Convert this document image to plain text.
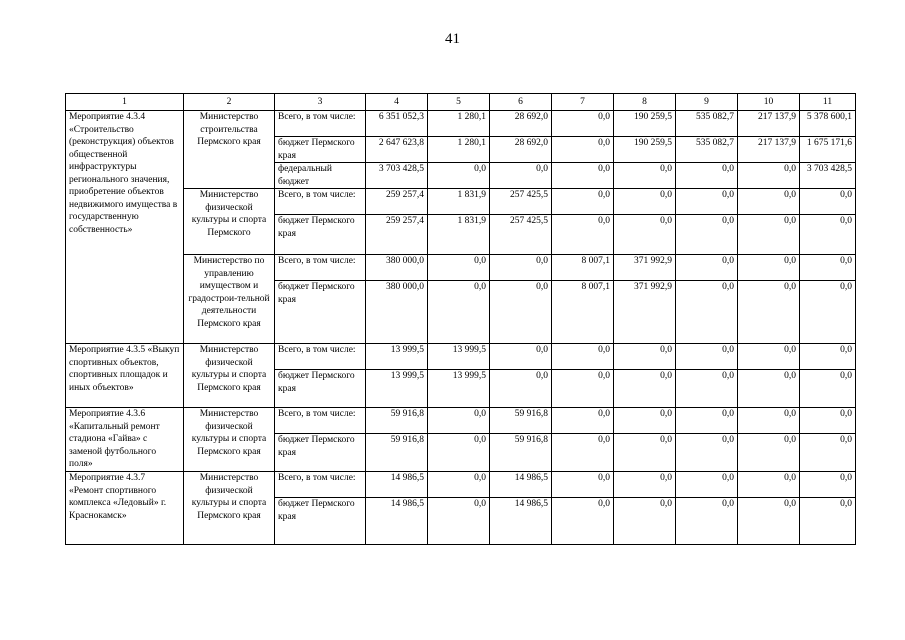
41
1	2	3	4	5	6	7	8	9	10	11
Мероприятие 4.3.4 «Строительство (реконструкция) объектов общественной инфраструктуры регионального значения, приобретение объектов недвижимого имущества в государственную собственность»	Министерство строительства Пермского края	Всего, в том числе:	6 351 052,3	1 280,1	28 692,0	0,0	190 259,5	535 082,7	217 137,9	5 378 600,1
		бюджет Пермского края	2 647 623,8	1 280,1	28 692,0	0,0	190 259,5	535 082,7	217 137,9	1 675 171,6
		федеральный бюджет	3 703 428,5	0,0	0,0	0,0	0,0	0,0	0,0	3 703 428,5
	Министерство физической культуры и спорта Пермского	Всего, в том числе:	259 257,4	1 831,9	257 425,5	0,0	0,0	0,0	0,0	0,0
		бюджет Пермского края	259 257,4	1 831,9	257 425,5	0,0	0,0	0,0	0,0	0,0
	Министерство по управлению имуществом и градострои-тельной деятельности Пермского края	Всего, в том числе:	380 000,0	0,0	0,0	8 007,1	371 992,9	0,0	0,0	0,0
		бюджет Пермского края	380 000,0	0,0	0,0	8 007,1	371 992,9	0,0	0,0	0,0
Мероприятие 4.3.5 «Выкуп спортивных объектов, спортивных площадок и иных объектов»	Министерство физической культуры и спорта Пермского края	Всего, в том числе:	13 999,5	13 999,5	0,0	0,0	0,0	0,0	0,0	0,0
		бюджет Пермского края	13 999,5	13 999,5	0,0	0,0	0,0	0,0	0,0	0,0
Мероприятие 4.3.6 «Капитальный ремонт стадиона «Гайва» с заменой футбольного поля»	Министерство физической культуры и спорта Пермского края	Всего, в том числе:	59 916,8	0,0	59 916,8	0,0	0,0	0,0	0,0	0,0
		бюджет Пермского края	59 916,8	0,0	59 916,8	0,0	0,0	0,0	0,0	0,0
Мероприятие 4.3.7 «Ремонт спортивного комплекса «Ледовый» г. Краснокамск»	Министерство физической культуры и спорта Пермского края	Всего, в том числе:	14 986,5	0,0	14 986,5	0,0	0,0	0,0	0,0	0,0
		бюджет Пермского края	14 986,5	0,0	14 986,5	0,0	0,0	0,0	0,0	0,0
